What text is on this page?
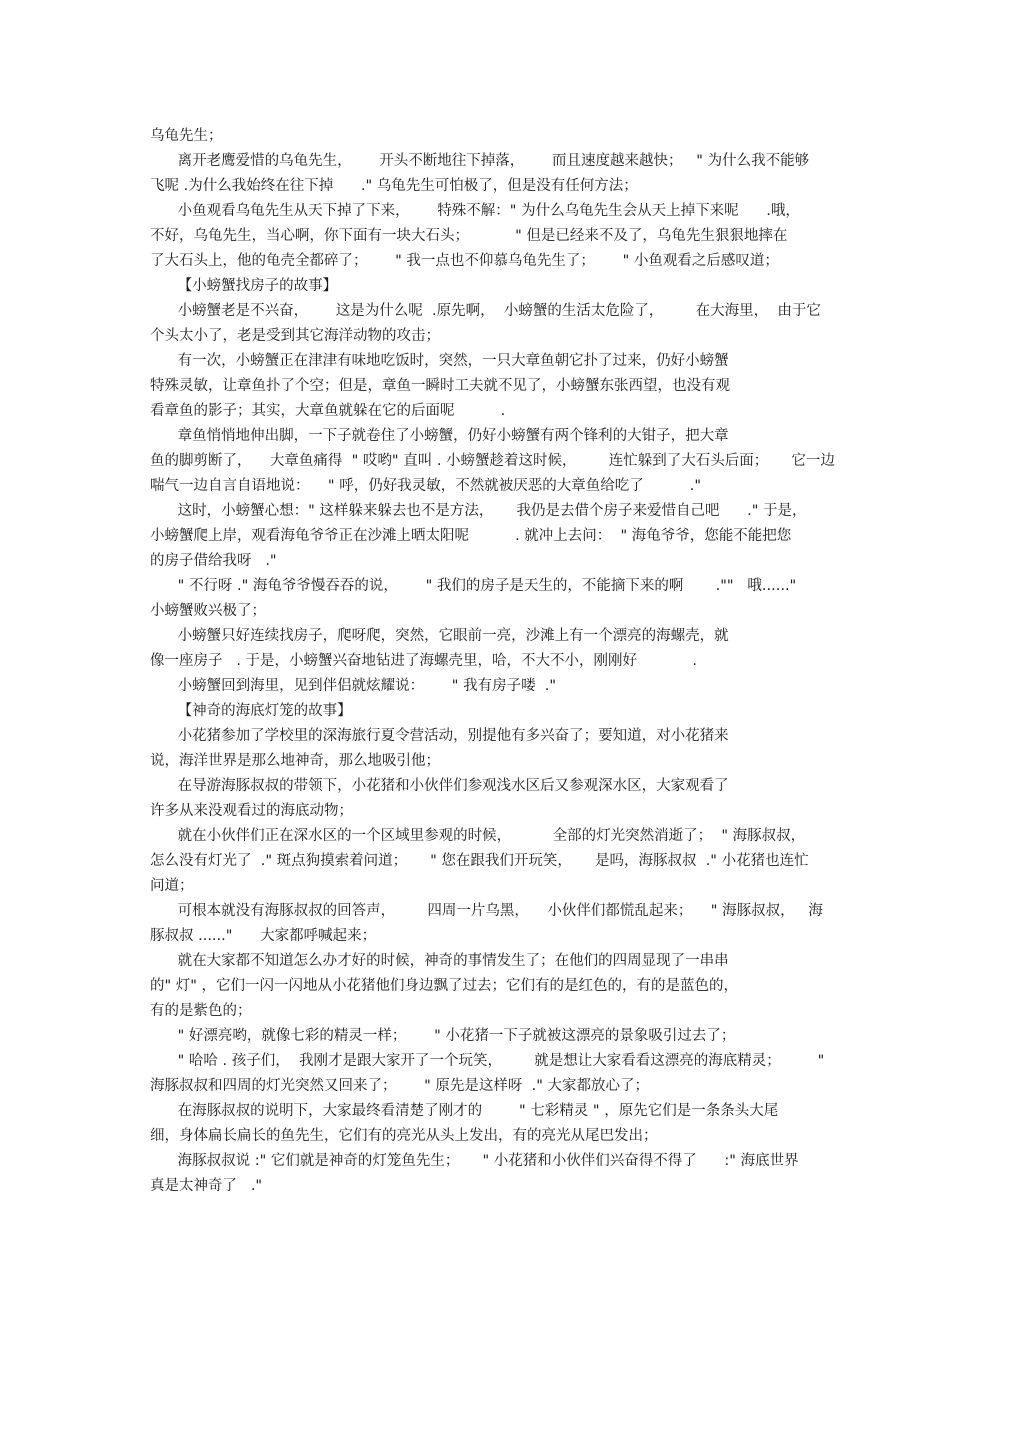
乌龟先生；
离开老鹰爱惜的乌龟先生，      开头不断地往下掉落，      而且速度越来越快；   " 为什么我不能够
飞呢 .为什么我始终在往下掉      ." 乌龟先生可怕极了，但是没有任何方法；
小鱼观看乌龟先生从天下掉了下来，      特殊不解：" 为什么乌龟先生会从天上掉下来呢      .哦，
不好，乌龟先生，当心啊，你下面有一块大石头；          " 但是已经来不及了，乌龟先生狠狠地摔在
了大石头上，他的龟壳全都碎了；      " 我一点也不仰慕乌龟先生了；      " 小鱼观看之后感叹道；
【小螃蟹找房子的故事】
小螃蟹老是不兴奋，      这是为什么呢  .原先啊，  小螃蟹的生活太危险了，       在大海里，  由于它
个头太小了，老是受到其它海洋动物的攻击；
有一次，小螃蟹正在津津有味地吃饭时，突然，一只大章鱼朝它扑了过来，仍好小螃蟹
特殊灵敏，让章鱼扑了个空；但是，章鱼一瞬时工夫就不见了，小螃蟹东张西望，也没有观
看章鱼的影子；其实，大章鱼就躲在它的后面呢          .
章鱼悄悄地伸出脚，一下子就卷住了小螃蟹，仍好小螃蟹有两个锋利的大钳子，把大章
鱼的脚剪断了，    大章鱼痛得  " 哎哟" 直叫 . 小螃蟹趁着这时候，       连忙躲到了大石头后面；     它一边
喘气一边自言自语地说：    " 呼，仍好我灵敏，不然就被厌恶的大章鱼给吃了          ."
这时，小螃蟹心想：" 这样躲来躲去也不是方法，     我仍是去借个房子来爱惜自己吧      ." 于是，
小螃蟹爬上岸，观看海龟爷爷正在沙滩上晒太阳呢          . 就冲上去问：  " 海龟爷爷，您能不能把您
的房子借给我呀   ."
" 不行呀 ." 海龟爷爷慢吞吞的说，      " 我们的房子是天生的，不能摘下来的啊       .""   哦......"
小螃蟹败兴极了；
小螃蟹只好连续找房子，爬呀爬，突然，它眼前一亮，沙滩上有一个漂亮的海螺壳，就
像一座房子   . 于是，小螃蟹兴奋地钻进了海螺壳里，哈，不大不小，刚刚好            .
小螃蟹回到海里，见到伴侣就炫耀说：      " 我有房子喽  ."
【神奇的海底灯笼的故事】
小花猪参加了学校里的深海旅行夏令营活动，别提他有多兴奋了；要知道，对小花猪来
说，海洋世界是那么地神奇，那么地吸引他；
在导游海豚叔叔的带领下，小花猪和小伙伴们参观浅水区后又参观深水区，大家观看了
许多从来没观看过的海底动物；
就在小伙伴们正在深水区的一个区域里参观的时候，         全部的灯光突然消逝了；  " 海豚叔叔，
怎么没有灯光了  ." 斑点狗摸索着问道；     " 您在跟我们开玩笑，     是吗，海豚叔叔  ." 小花猪也连忙
问道；
可根本就没有海豚叔叔的回答声，       四周一片乌黑，    小伙伴们都慌乱起来；    " 海豚叔叔，   海
豚叔叔 ......"      大家都呼喊起来；
就在大家都不知道怎么办才好的时候，神奇的事情发生了；在他们的四周显现了一串串
的" 灯" ，它们一闪一闪地从小花猪他们身边飘了过去；它们有的是红色的，有的是蓝色的，
有的是紫色的；
" 好漂亮哟，就像七彩的精灵一样；      " 小花猪一下子就被这漂亮的景象吸引过去了；
" 哈哈 . 孩子们，  我刚才是跟大家开了一个玩笑，       就是想让大家看看这漂亮的海底精灵；        "
海豚叔叔和四周的灯光突然又回来了；      " 原先是这样呀  ." 大家都放心了；
在海豚叔叔的说明下，大家最终看清楚了刚才的        " 七彩精灵 " ，原先它们是一条条头大尾
细，身体扁长扁长的鱼先生，它们有的亮光从头上发出，有的亮光从尾巴发出；
海豚叔叔说 :" 它们就是神奇的灯笼鱼先生；     " 小花猪和小伙伴们兴奋得不得了      :" 海底世界
真是太神奇了   ."
